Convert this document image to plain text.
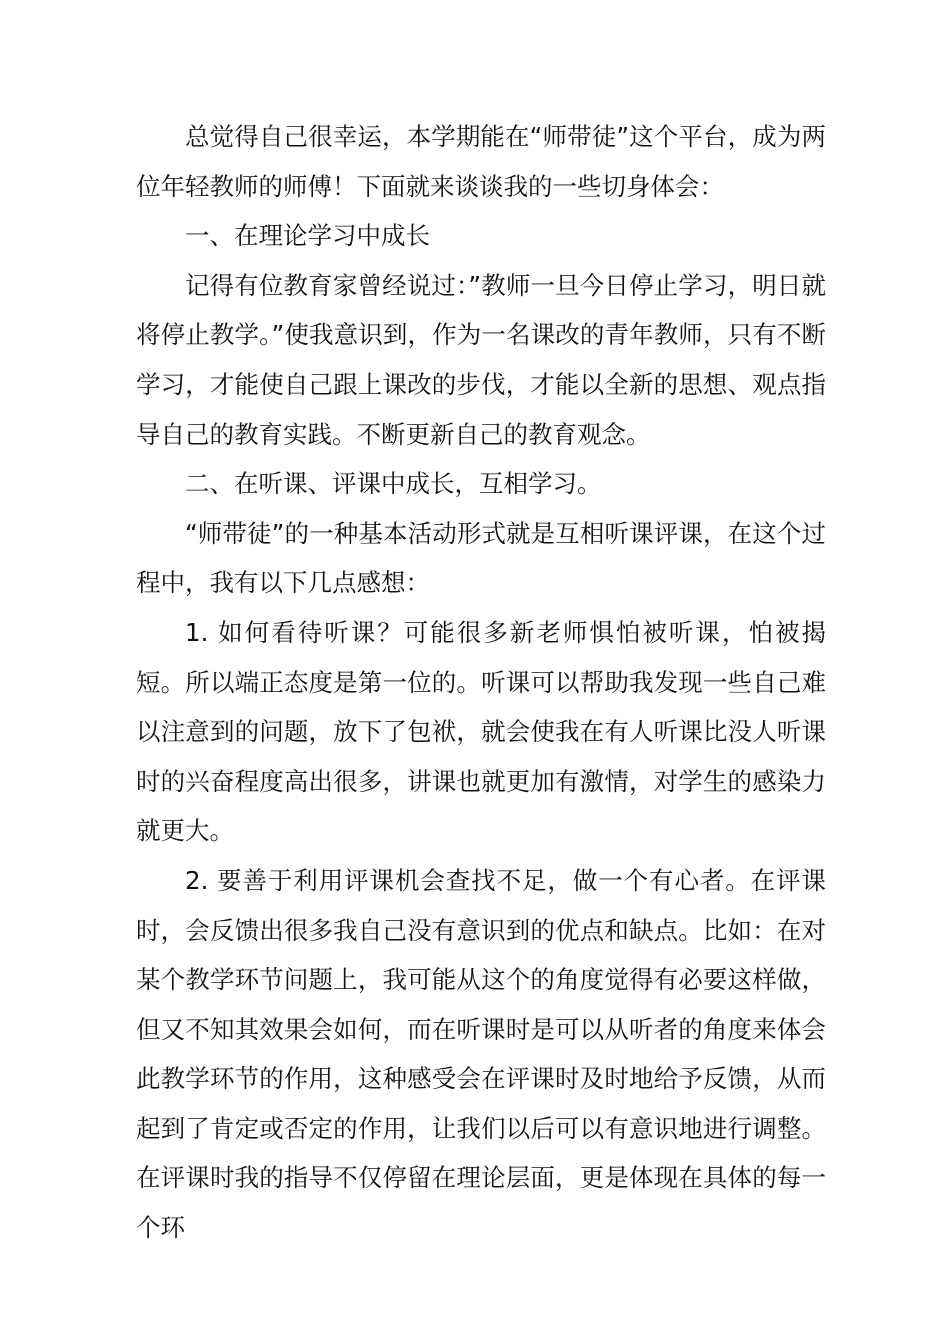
总觉得自己很幸运，本学期能在“师带徒”这个平台，成为两位年轻教师的师傅！下面就来谈谈我的一些切身体会：

一、在理论学习中成长

记得有位教育家曾经说过：”教师一旦今日停止学习，明日就将停止教学。”使我意识到，作为一名课改的青年教师，只有不断学习，才能使自己跟上课改的步伐，才能以全新的思想、观点指导自己的教育实践。不断更新自己的教育观念。

二、在听课、评课中成长，互相学习。

“师带徒”的一种基本活动形式就是互相听课评课，在这个过程中，我有以下几点感想：

1. 如何看待听课？可能很多新老师惧怕被听课，怕被揭短。所以端正态度是第一位的。听课可以帮助我发现一些自己难以注意到的问题，放下了包袱，就会使我在有人听课比没人听课时的兴奋程度高出很多，讲课也就更加有激情，对学生的感染力就更大。

2. 要善于利用评课机会查找不足，做一个有心者。在评课时，会反馈出很多我自己没有意识到的优点和缺点。比如：在对某个教学环节问题上，我可能从这个的角度觉得有必要这样做，但又不知其效果会如何，而在听课时是可以从听者的角度来体会此教学环节的作用，这种感受会在评课时及时地给予反馈，从而起到了肯定或否定的作用，让我们以后可以有意识地进行调整。在评课时我的指导不仅停留在理论层面，更是体现在具体的每一个环
